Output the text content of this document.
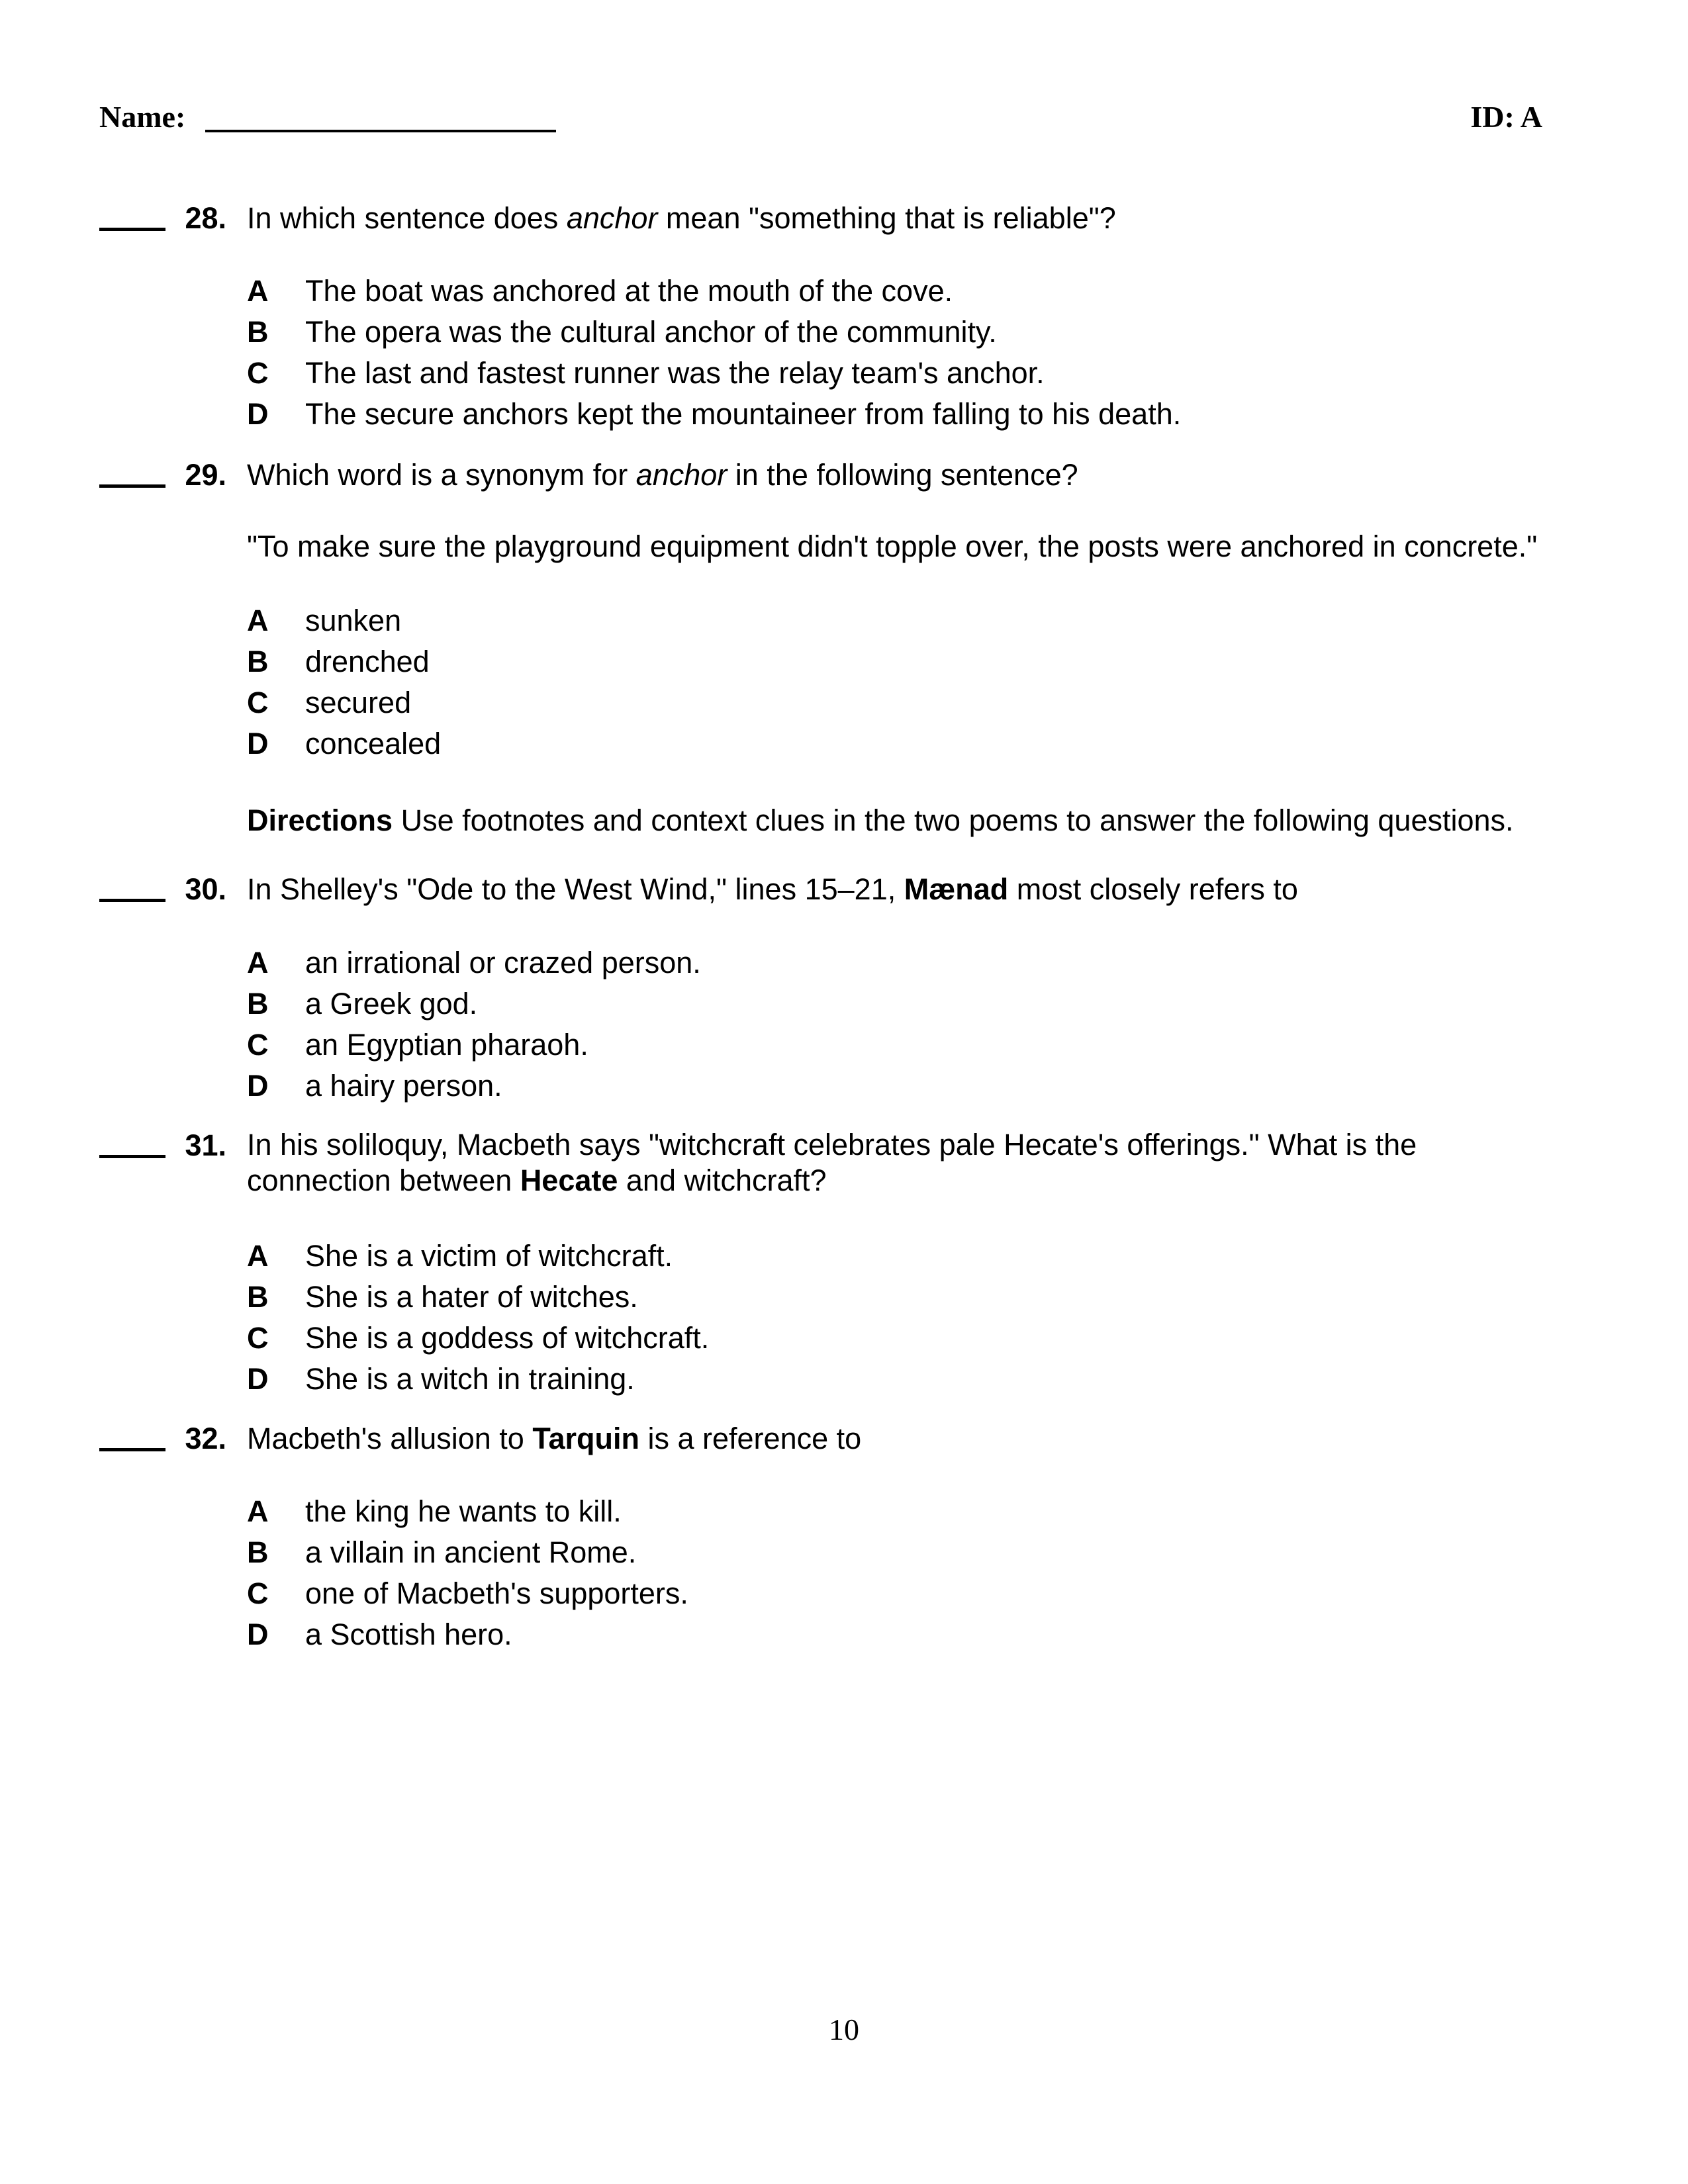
Name:	ID: A
28. In which sentence does anchor mean "something that is reliable"?
A The boat was anchored at the mouth of the cove.
B The opera was the cultural anchor of the community.
C The last and fastest runner was the relay team's anchor.
D The secure anchors kept the mountaineer from falling to his death.
29. Which word is a synonym for anchor in the following sentence?
"To make sure the playground equipment didn't topple over, the posts were anchored in concrete."
A sunken
B drenched
C secured
D concealed
Directions Use footnotes and context clues in the two poems to answer the following questions.
30. In Shelley's "Ode to the West Wind," lines 15–21, Mænad most closely refers to
A an irrational or crazed person.
B a Greek god.
C an Egyptian pharaoh.
D a hairy person.
31. In his soliloquy, Macbeth says "witchcraft celebrates pale Hecate's offerings." What is the connection between Hecate and witchcraft?
A She is a victim of witchcraft.
B She is a hater of witches.
C She is a goddess of witchcraft.
D She is a witch in training.
32. Macbeth's allusion to Tarquin is a reference to
A the king he wants to kill.
B a villain in ancient Rome.
C one of Macbeth's supporters.
D a Scottish hero.
10
